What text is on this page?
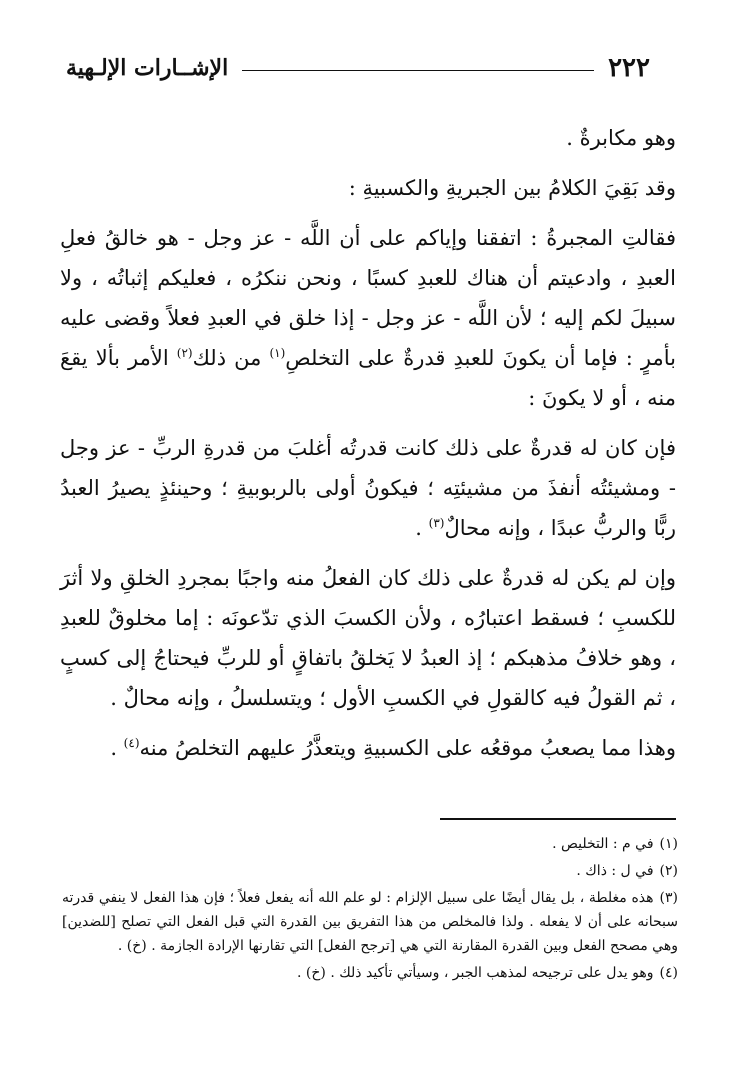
٢٢٢
الإشــارات الإلـهية

وهو مكابرةٌ .

وقد بَقِيَ الكلامُ بين الجبريةِ والكسبيةِ :

فقالتِ المجبرةُ : اتفقنا وإياكم على أن اللَّه - عز وجل - هو خالقُ فعلِ العبدِ ، وادعيتم أن هناك للعبدِ كسبًا ، ونحن ننكرُه ، فعليكم إثباتُه ، ولا سبيلَ لكم إليه ؛ لأن اللَّه - عز وجل - إذا خلق في العبدِ فعلاً وقضى عليه بأمرٍ : فإما أن يكونَ للعبدِ قدرةٌ على التخلصِ$^{(١)}$ من ذلك$^{(٢)}$ الأمر بألا يقعَ منه ، أو لا يكونَ :

فإن كان له قدرةٌ على ذلك كانت قدرتُه أغلبَ من قدرةِ الربِّ - عز وجل - ومشيئتُه أنفذَ من مشيئتِه ؛ فيكونُ أولى بالربوبيةِ ؛ وحينئذٍ يصيرُ العبدُ ربًّا والربُّ عبدًا ، وإنه محالٌ$^{(٣)}$ .

وإن لم يكن له قدرةٌ على ذلك كان الفعلُ منه واجبًا بمجردِ الخلقِ ولا أثرَ للكسبِ ؛ فسقط اعتبارُه ، ولأن الكسبَ الذي تدّعونَه : إما مخلوقٌ للعبدِ ، وهو خلافُ مذهبكم ؛ إذ العبدُ لا يَخلقُ باتفاقٍ أو للربِّ فيحتاجُ إلى كسبٍ ، ثم القولُ فيه كالقولِ في الكسبِ الأول ؛ ويتسلسلُ ، وإنه محالٌ .

وهذا مما يصعبُ موقعُه على الكسبيةِ ويتعذَّرُ عليهم التخلصُ منه$^{(٤)}$ .

(١)في م : التخليص .

(٢)في ل : ذاك .

(٣)هذه مغلطة ، بل يقال أيضًا على سبيل الإلزام : لو علم الله أنه يفعل فعلاً ؛ فإن هذا الفعل لا ينفي قدرته سبحانه على أن لا يفعله . ولذا فالمخلص من هذا التفريق بين القدرة التي قبل الفعل التي تصلح [للضدين] وهي مصحح الفعل وبين القدرة المقارنة التي هي [ترجح الفعل] التي تقارنها الإرادة الجازمة . (خ) .

(٤)وهو يدل على ترجيحه لمذهب الجبر ، وسيأتي تأكيد ذلك . (خ) .
